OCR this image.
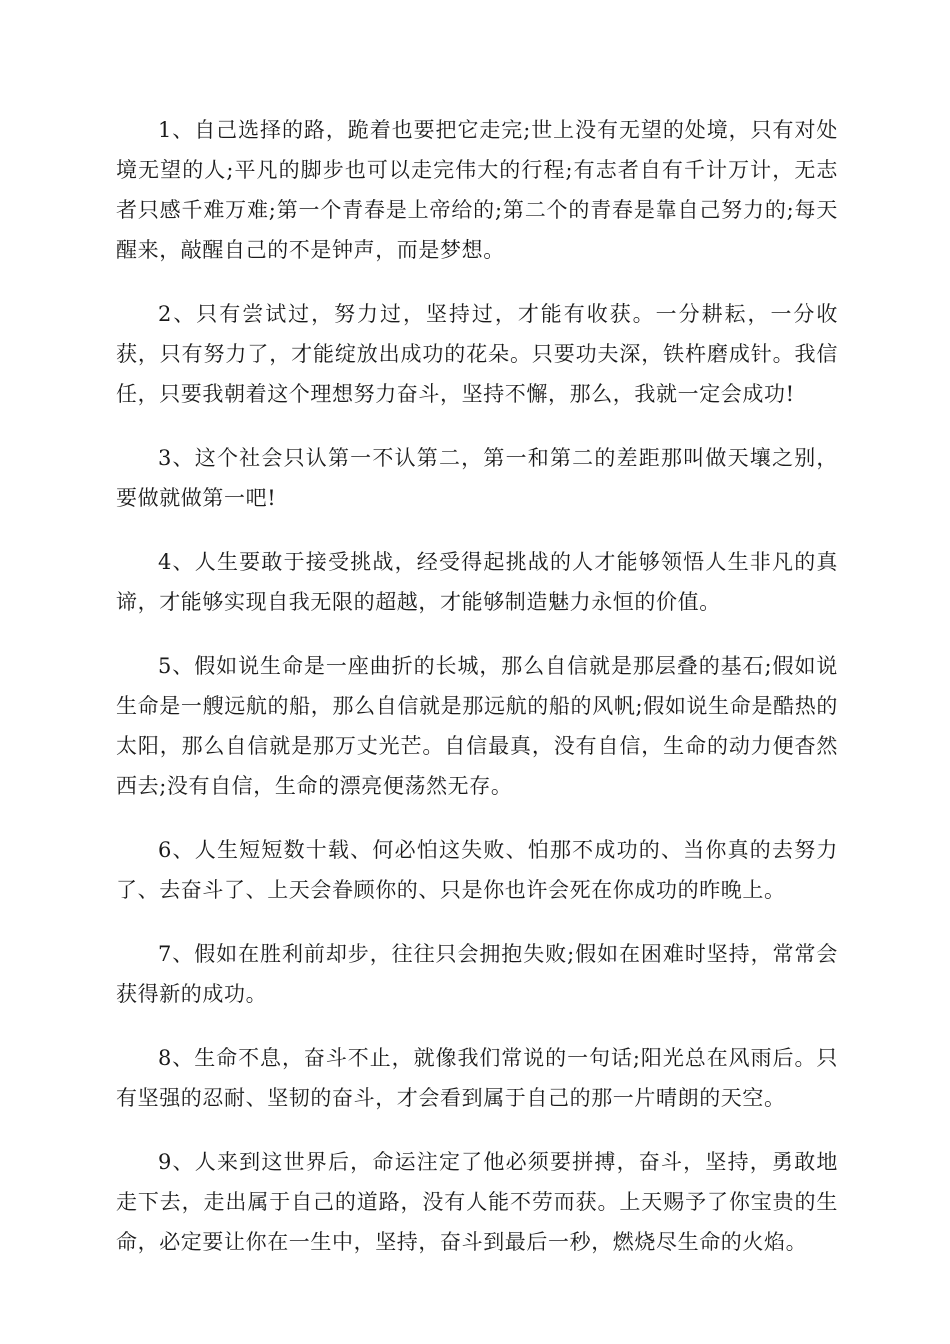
1、自己选择的路，跪着也要把它走完;世上没有无望的处境，只有对处境无望的人;平凡的脚步也可以走完伟大的行程;有志者自有千计万计，无志者只感千难万难;第一个青春是上帝给的;第二个的青春是靠自己努力的;每天醒来，敲醒自己的不是钟声，而是梦想。

2、只有尝试过，努力过，坚持过，才能有收获。一分耕耘，一分收获，只有努力了，才能绽放出成功的花朵。只要功夫深，铁杵磨成针。我信任，只要我朝着这个理想努力奋斗，坚持不懈，那么，我就一定会成功!

3、这个社会只认第一不认第二，第一和第二的差距那叫做天壤之别，要做就做第一吧!

4、人生要敢于接受挑战，经受得起挑战的人才能够领悟人生非凡的真谛，才能够实现自我无限的超越，才能够制造魅力永恒的价值。

5、假如说生命是一座曲折的长城，那么自信就是那层叠的基石;假如说生命是一艘远航的船，那么自信就是那远航的船的风帆;假如说生命是酷热的太阳，那么自信就是那万丈光芒。自信最真，没有自信，生命的动力便杳然西去;没有自信，生命的漂亮便荡然无存。

6、人生短短数十载、何必怕这失败、怕那不成功的、当你真的去努力了、去奋斗了、上天会眷顾你的、只是你也许会死在你成功的昨晚上。

7、假如在胜利前却步，往往只会拥抱失败;假如在困难时坚持，常常会获得新的成功。

8、生命不息，奋斗不止，就像我们常说的一句话;阳光总在风雨后。只有坚强的忍耐、坚韧的奋斗，才会看到属于自己的那一片晴朗的天空。

9、人来到这世界后，命运注定了他必须要拼搏，奋斗，坚持，勇敢地走下去，走出属于自己的道路，没有人能不劳而获。上天赐予了你宝贵的生命，必定要让你在一生中，坚持，奋斗到最后一秒，燃烧尽生命的火焰。
